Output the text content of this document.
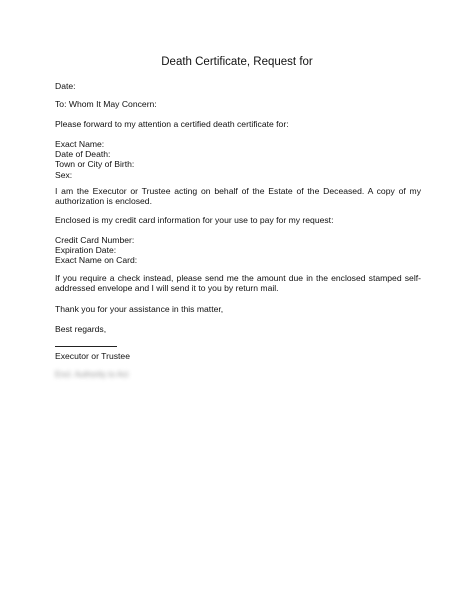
Death Certificate, Request for
Date:
To: Whom It May Concern:
Please forward to my attention a certified death certificate for:
Exact Name:
Date of Death:
Town or City of Birth:
Sex:

I am the Executor or Trustee acting on behalf of the Estate of the Deceased. A copy of my authorization is enclosed.

Enclosed is my credit card information for your use to pay for my request:
Credit Card Number:
Expiration Date:
Exact Name on Card:

If you require a check instead, please send me the amount due in the enclosed stamped self-addressed envelope and I will send it to you by return mail.

Thank you for your assistance in this matter,
Best regards,
Executor or Trustee
Encl. Authority to Act
